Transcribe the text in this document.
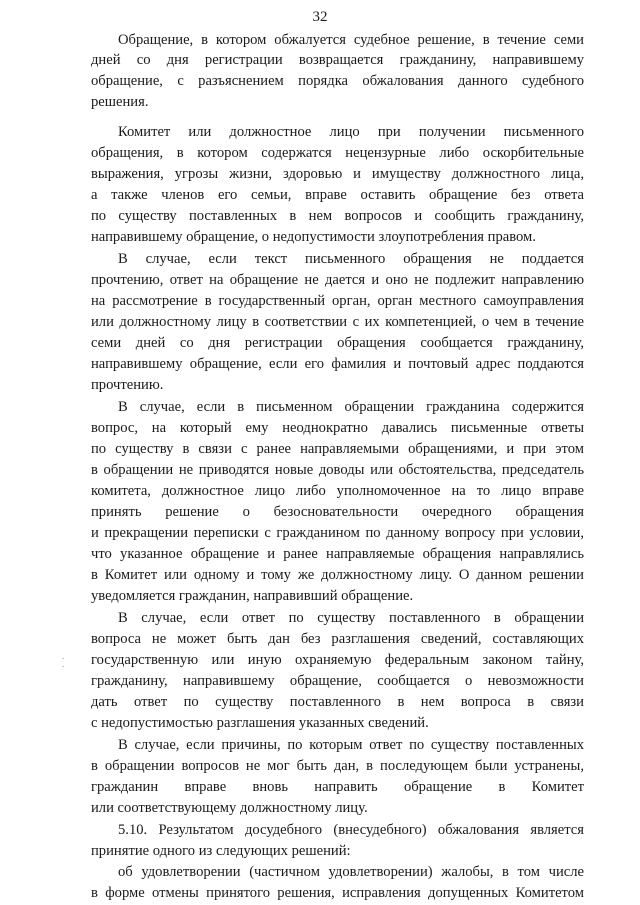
32
Обращение, в котором обжалуется судебное решение, в течение семи
дней со дня регистрации возвращается гражданину, направившему
обращение, с разъяснением порядка обжалования данного судебного
решения.
Комитет или должностное лицо при получении письменного
обращения, в котором содержатся нецензурные либо оскорбительные
выражения, угрозы жизни, здоровью и имуществу должностного лица,
а также членов его семьи, вправе оставить обращение без ответа
по существу поставленных в нем вопросов и сообщить гражданину,
направившему обращение, о недопустимости злоупотребления правом.
В случае, если текст письменного обращения не поддается
прочтению, ответ на обращение не дается и оно не подлежит направлению
на рассмотрение в государственный орган, орган местного самоуправления
или должностному лицу в соответствии с их компетенцией, о чем в течение
семи дней со дня регистрации обращения сообщается гражданину,
направившему обращение, если его фамилия и почтовый адрес поддаются
прочтению.
В случае, если в письменном обращении гражданина содержится
вопрос, на который ему неоднократно давались письменные ответы
по существу в связи с ранее направляемыми обращениями, и при этом
в обращении не приводятся новые доводы или обстоятельства, председатель
комитета, должностное лицо либо уполномоченное на то лицо вправе
принять решение о безосновательности очередного обращения
и прекращении переписки с гражданином по данному вопросу при условии,
что указанное обращение и ранее направляемые обращения направлялись
в Комитет или одному и тому же должностному лицу. О данном решении
уведомляется гражданин, направивший обращение.
В случае, если ответ по существу поставленного в обращении
вопроса не может быть дан без разглашения сведений, составляющих
государственную или иную охраняемую федеральным законом тайну,
гражданину, направившему обращение, сообщается о невозможности
дать ответ по существу поставленного в нем вопроса в связи
с недопустимостью разглашения указанных сведений.
В случае, если причины, по которым ответ по существу поставленных
в обращении вопросов не мог быть дан, в последующем были устранены,
гражданин вправе вновь направить обращение в Комитет
или соответствующему должностному лицу.
5.10. Результатом досудебного (внесудебного) обжалования является
принятие одного из следующих решений:
об удовлетворении (частичном удовлетворении) жалобы, в том числе
в форме отмены принятого решения, исправления допущенных Комитетом
